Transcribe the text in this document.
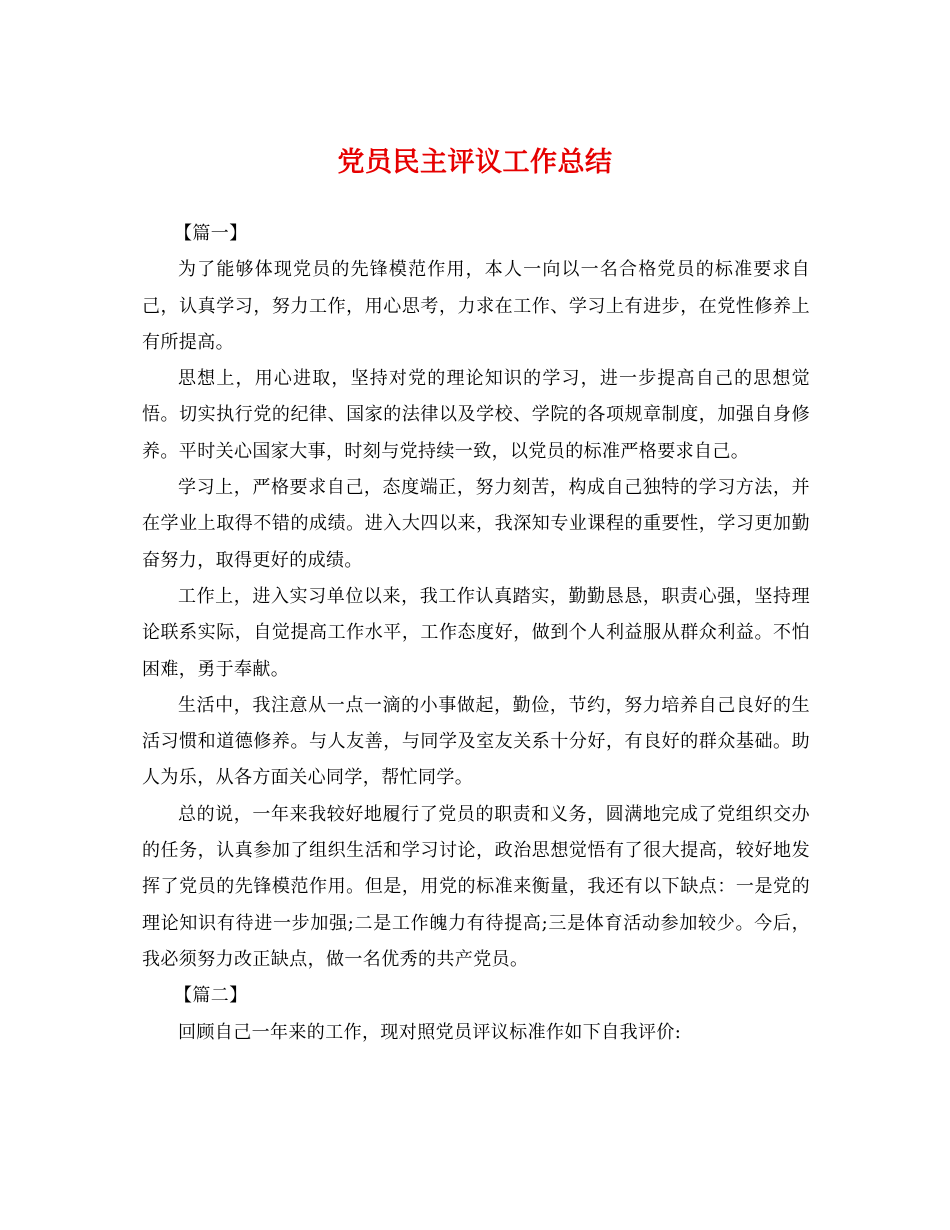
党员民主评议工作总结

【篇一】

为了能够体现党员的先锋模范作用，本人一向以一名合格党员的标准要求自己，认真学习，努力工作，用心思考，力求在工作、学习上有进步，在党性修养上有所提高。

思想上，用心进取，坚持对党的理论知识的学习，进一步提高自己的思想觉悟。切实执行党的纪律、国家的法律以及学校、学院的各项规章制度，加强自身修养。平时关心国家大事，时刻与党持续一致，以党员的标准严格要求自己。

学习上，严格要求自己，态度端正，努力刻苦，构成自己独特的学习方法，并在学业上取得不错的成绩。进入大四以来，我深知专业课程的重要性，学习更加勤奋努力，取得更好的成绩。

工作上，进入实习单位以来，我工作认真踏实，勤勤恳恳，职责心强，坚持理论联系实际，自觉提高工作水平，工作态度好，做到个人利益服从群众利益。不怕困难，勇于奉献。

生活中，我注意从一点一滴的小事做起，勤俭，节约，努力培养自己良好的生活习惯和道德修养。与人友善，与同学及室友关系十分好，有良好的群众基础。助人为乐，从各方面关心同学，帮忙同学。

总的说，一年来我较好地履行了党员的职责和义务，圆满地完成了党组织交办的任务，认真参加了组织生活和学习讨论，政治思想觉悟有了很大提高，较好地发挥了党员的先锋模范作用。但是，用党的标准来衡量，我还有以下缺点：一是党的理论知识有待进一步加强;二是工作魄力有待提高;三是体育活动参加较少。今后，我必须努力改正缺点，做一名优秀的共产党员。

【篇二】

回顾自己一年来的工作，现对照党员评议标准作如下自我评价:
